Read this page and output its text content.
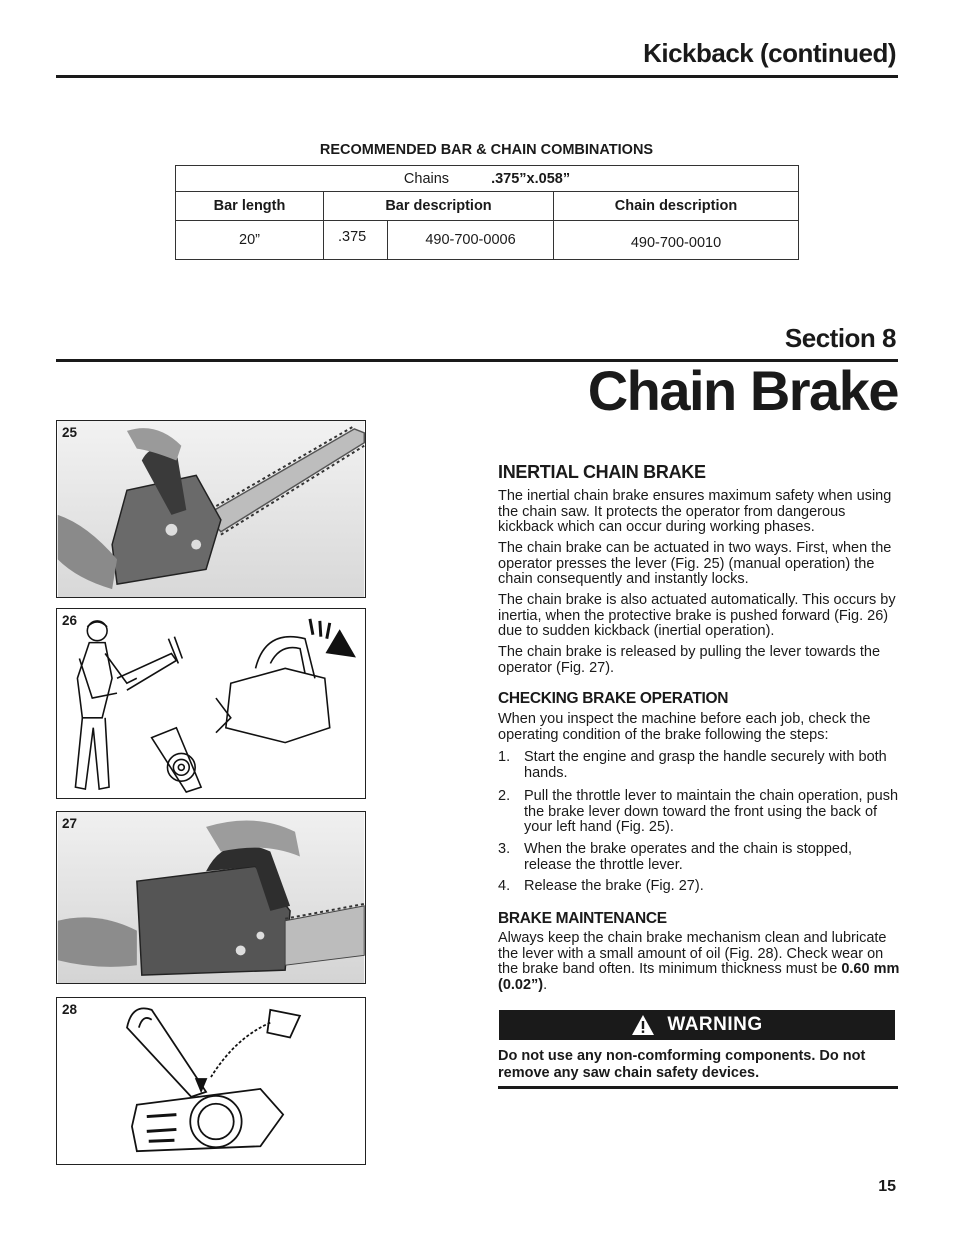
Kickback (continued)
RECOMMENDED BAR & CHAIN COMBINATIONS
Chains .375”x.058”			
Bar length	Bar description		Chain description
20”	.375	490-700-0006	490-700-0010
Section 8
Chain Brake
25
26
27
28
INERTIAL CHAIN BRAKE
The inertial chain brake ensures maximum safety when using the chain saw. It protects the operator from dangerous kickback which can occur during working phases.
The chain brake can be actuated in two ways. First, when the operator presses the lever (Fig. 25) (manual operation) the chain consequently and instantly locks.
The chain brake is also actuated automatically. This occurs by inertia, when the protective brake is pushed forward (Fig. 26) due to sudden kickback (inertial operation).
The chain brake is released by pulling the lever towards the operator (Fig. 27).
CHECKING BRAKE OPERATION
When you inspect the machine before each job, check the operating condition of the brake following the steps:
1. Start the engine and grasp the handle securely with both hands.
2. Pull the throttle lever to maintain the chain operation, push the brake lever down toward the front using the back of your left hand (Fig. 25).
3. When the brake operates and the chain is stopped, release the throttle lever.
4. Release the brake (Fig. 27).
BRAKE MAINTENANCE
Always keep the chain brake mechanism clean and lubricate the lever with a small amount of oil (Fig. 28). Check wear on the brake band often. Its minimum thickness must be 0.60 mm (0.02”).
WARNING
Do not use any non-comforming components. Do not remove any saw chain safety devices.
15
